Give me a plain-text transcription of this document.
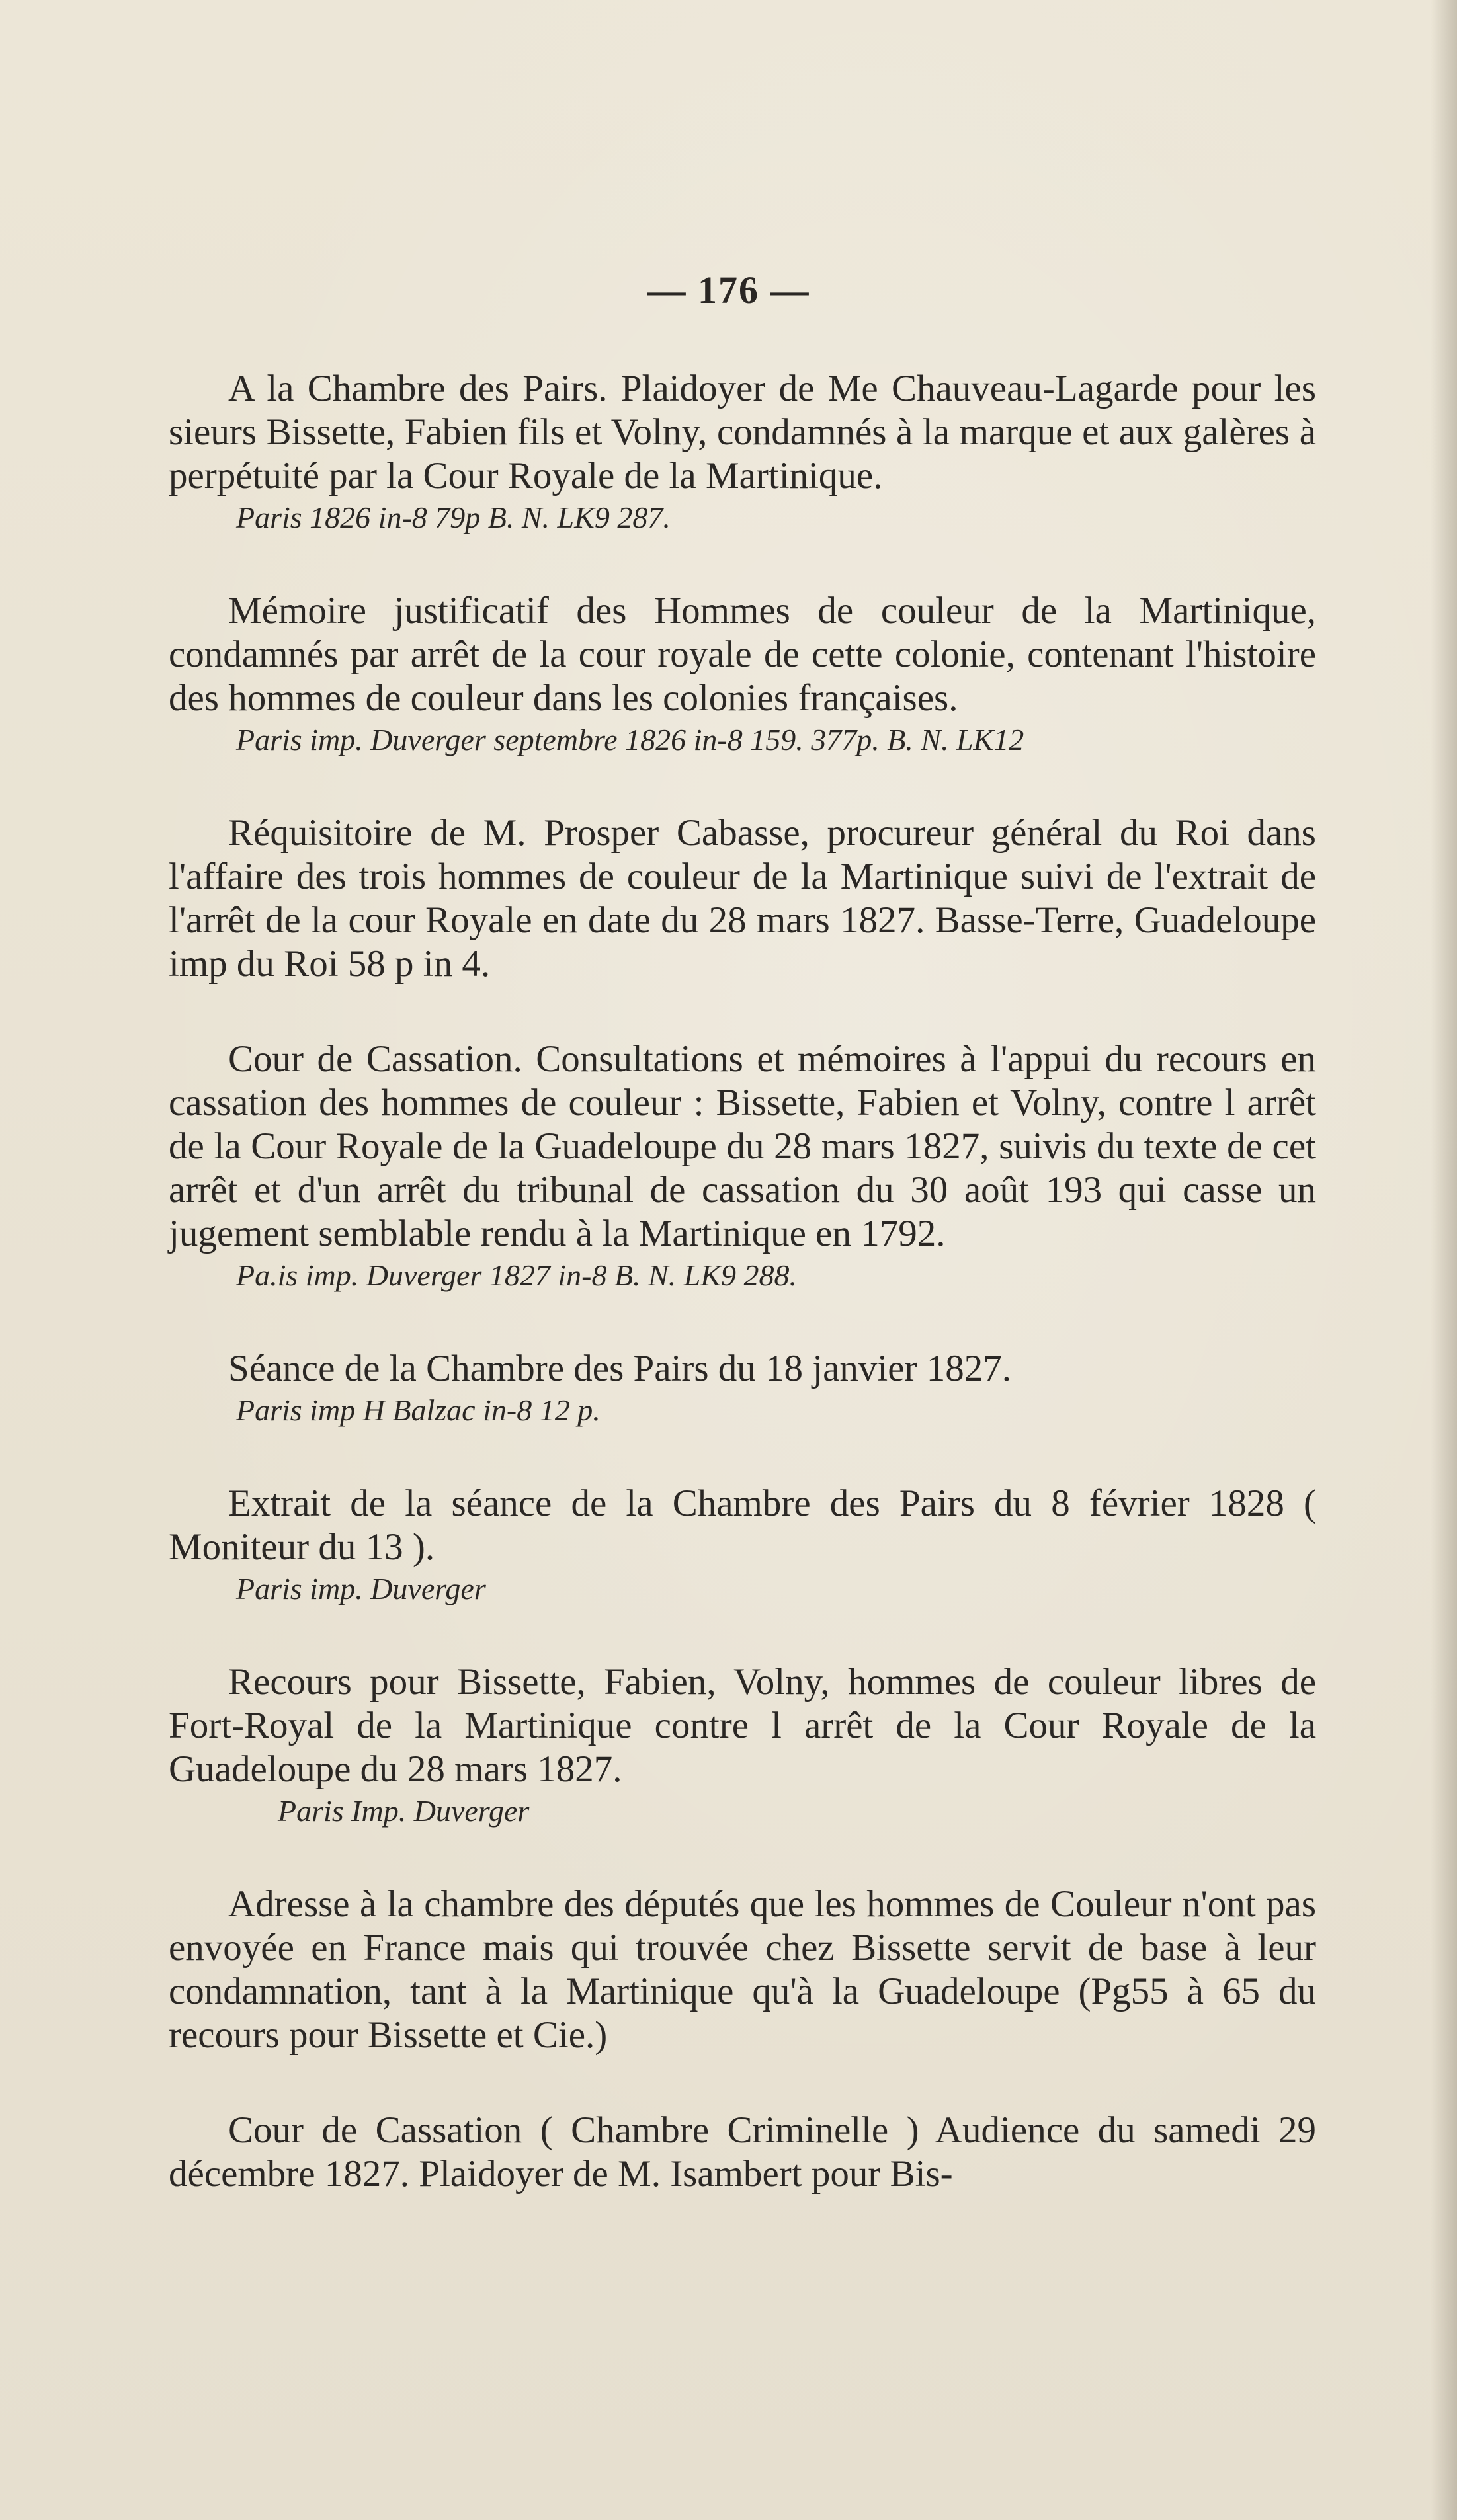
— 176 —

A la Chambre des Pairs. Plaidoyer de Me Chauveau-Lagarde pour les sieurs Bissette, Fabien fils et Volny, condamnés à la marque et aux galères à perpétuité par la Cour Royale de la Martinique.

Paris 1826 in-8 79p B. N. LK9 287.

Mémoire justificatif des Hommes de couleur de la Martinique, condamnés par arrêt de la cour royale de cette colonie, contenant l'histoire des hommes de couleur dans les colonies françaises.

Paris imp. Duverger septembre 1826 in-8 159. 377p. B. N. LK12

Réquisitoire de M. Prosper Cabasse, procureur général du Roi dans l'affaire des trois hommes de couleur de la Martinique suivi de l'extrait de l'arrêt de la cour Royale en date du 28 mars 1827. Basse-Terre, Guadeloupe imp du Roi 58 p in 4.

Cour de Cassation. Consultations et mémoires à l'appui du recours en cassation des hommes de couleur : Bissette, Fabien et Volny, contre l arrêt de la Cour Royale de la Guadeloupe du 28 mars 1827, suivis du texte de cet arrêt et d'un arrêt du tribunal de cassation du 30 août 193 qui casse un jugement semblable rendu à la Martinique en 1792.

Pa.is imp. Duverger 1827 in-8 B. N. LK9 288.

Séance de la Chambre des Pairs du 18 janvier 1827.

Paris imp H Balzac in-8 12 p.

Extrait de la séance de la Chambre des Pairs du 8 février 1828 ( Moniteur du 13 ).

Paris imp. Duverger

Recours pour Bissette, Fabien, Volny, hommes de couleur libres de Fort-Royal de la Martinique contre l arrêt de la Cour Royale de la Guadeloupe du 28 mars 1827.

Paris Imp. Duverger

Adresse à la chambre des députés que les hommes de Couleur n'ont pas envoyée en France mais qui trouvée chez Bissette servit de base à leur condamnation, tant à la Martinique qu'à la Guadeloupe (Pg55 à 65 du recours pour Bissette et Cie.)

Cour de Cassation ( Chambre Criminelle ) Audience du samedi 29 décembre 1827. Plaidoyer de M. Isambert pour Bis-
